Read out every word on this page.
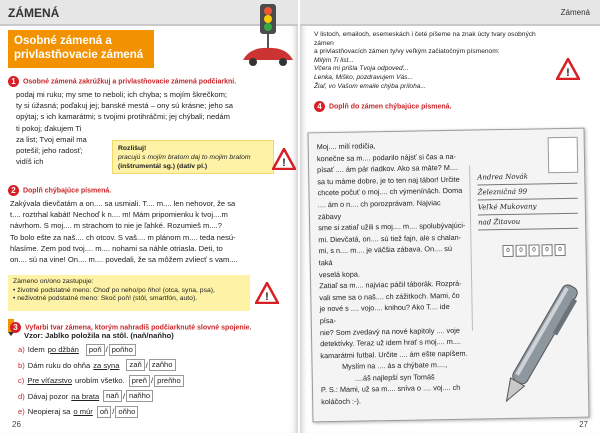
ZÁMENÁ
Osobné zámená a privlastňovacie zámená
1 Osobné zámená zakrúžkuj a privlastňovacie zámená podčiarkni.
podaj mi ruku; my sme to neboli; ich chyba; s mojím škrečkom;
ty si úžasná; poďakuj jej; banské mestá – ony sú krásne; jeho sa
opýtaj; s ich kamarátmi; s tvojimi protihráčmi; jej chýbali; nedám
ti pokoj; ďakujem Ti
za list; Tvoj email ma
potešil; jeho radosť;
vidíš ich
Rozlišuj!
pracujú s mojím bratom daj to mojim bratom
(inštrumentál sg.) (datív pl.)	!
2 Doplň chýbajúce písmená.
Zakývala dievčatám a on.... sa usmiali. T.... m.... len nehovor, že sa
t.... roztrhal kabát! Nechoď k n.... m! Mám pripomienku k tvoj....m
návrhom. S moj.... m strachom to nie je ľahké. Rozumieš m....?
To bolo ešte za naš.... ch otcov. S vaš.... m plánom m.... teda nesú-
hlasíme. Zem pod tvoj.... m.... nohami sa náhle otriasla. Deti, to
on.... sú na vine! On.... m.... povedali, že sa môžem zvliecť s vam....
Zámeno on/ono zastupuje:
• životné podstatné meno: Choď po neho/po ňho! (otca, syna, psa),
• neživotné podstatné meno: Skoč poň! (stôl, smartfón, auto).	!
3 Vyfarbi tvar zámena, ktorým nahradíš podčiarknuté slovné spojenie.
Vzor: Jablko položila na stôl. (naň/naňho)
a) Idem po džbán	poň / poňho
b) Dám ruku do ohňa za syna	zaň / zaňho
c) Pre víťazstvo urobím všetko. preň / preňho
d) Dávaj pozor na brata naň / naňho
e) Neopieraj sa o múr oň / oňho
26
Zámená
V listoch, emailoch, esemeskách i četé píšeme na znak úcty tvary osobných zámen
a privlastňovacích zámen ty/vy veľkým začiatočným písmenom:
Milým Ti list...
Včera mi prišla Tvoja odpoveď...
Lenka, Miško, pozdravujem Vás...
Žiaľ, vo Vašom emaile chýba príloha...
!
4 Doplň do zámen chýbajúce písmená.
Moj.... milí rodičia,
konečne sa m.... podarilo nájsť si čas a na-
písať .... ám pár riadkov. Ako sa máte? M....
sa tu máme dobre, je to ten naj tábor! Určite
chcete počuť o moj.... ch výmenínách. Doma
.... ám o n.... ch porozprávam. Najviac zábavy
sme si zatiaľ užili s moj.... m.... spolubývajúci-
mi. Dievčatá, on.... sú tiež fajn, ale s chalan-
mi, s n.... m.... je väčšia zábava. On.... sú taká
veselá kopa.
Zatiaľ sa m.... najviac páčil táborák. Rozprá-
vali sme sa o naš.... ch zážitkoch. Mami, čo
je nové s .... vojo.... knihou? Ako T.... ide písa-
nie? Som zvedavý na nové kapitoly .... voje
detektívky. Teraz už idem hrať s moj.... m....
kamarátmi futbal. Určite .... ám ešte napíšem.
Myslím na .... ás a chýbate m....,
....áš najlepší syn Tomáš
P. S.: Mami, už sa m.... sníva o .... voj.... ch
koláčoch :-).
Andrea Novák
Železničná 99
Veľké Mukovany
nad Žitavou
0	0	0	0	0
27
